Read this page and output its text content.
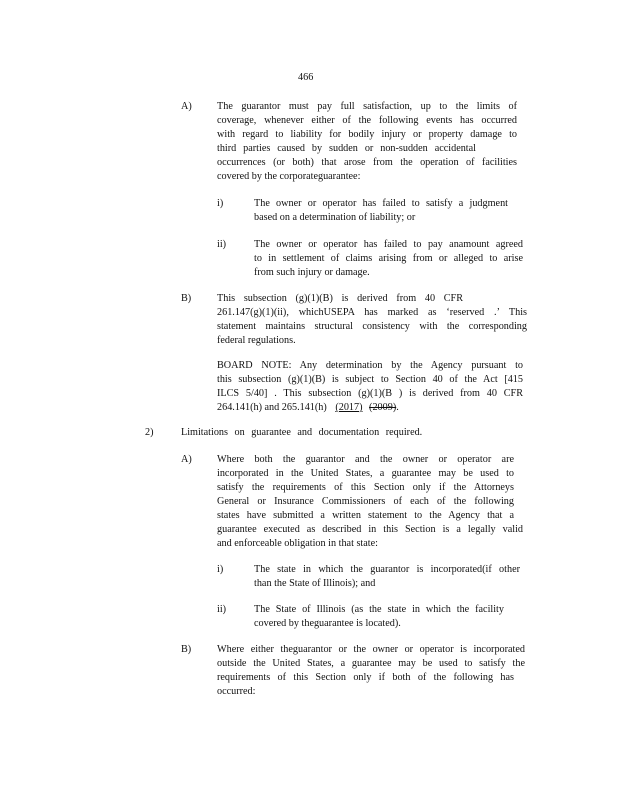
466
A) The guarantor must pay full satisfaction, up to the limits of
coverage, whenever either of the following events has occurred
with regard to liability for bodily injury or property damage to
third parties caused by sudden or non-sudden accidental
occurrences (or both) that arose from the operation of facilities
covered by the corporateguarantee:
i)	The owner or operator has failed to satisfy a judgment
based on a determination of liability; or
ii)	The owner or operator has failed to pay anamount agreed
to in settlement of claims arising from or alleged to arise
from such injury or damage.
B)	This subsection (g)(1)(B) is derived from 40 CFR
261.147(g)(1)(ii), whichUSEPA has marked as ‘reserved .’ This
statement maintains structural consistency with the corresponding
federal regulations.
BOARD NOTE: Any determination by the Agency pursuant to
this subsection (g)(1)(B) is subject to Section 40 of the Act [415
ILCS 5/40] . This subsection (g)(1)(B ) is derived from 40 CFR
264.141(h) and 265.141(h) (2017) (2009).
2)	Limitations on guarantee and documentation required.
A) Where both the guarantor and the owner or operator are
incorporated in the United States, a guarantee may be used to
satisfy the requirements of this Section only if the Attorneys
General or Insurance Commissioners of each of the following
states have submitted a written statement to the Agency that a
guarantee executed as described in this Section is a legally valid
and enforceable obligation in that state:
i)	The state in which the guarantor is incorporated(if other
than the State of Illinois); and
ii)	The State of Illinois (as the state in which the facility
covered by theguarantee is located).
B)	Where either theguarantor or the owner or operator is incorporated
outside the United States, a guarantee may be used to satisfy the
requirements of this Section only if both of the following has
occurred:
